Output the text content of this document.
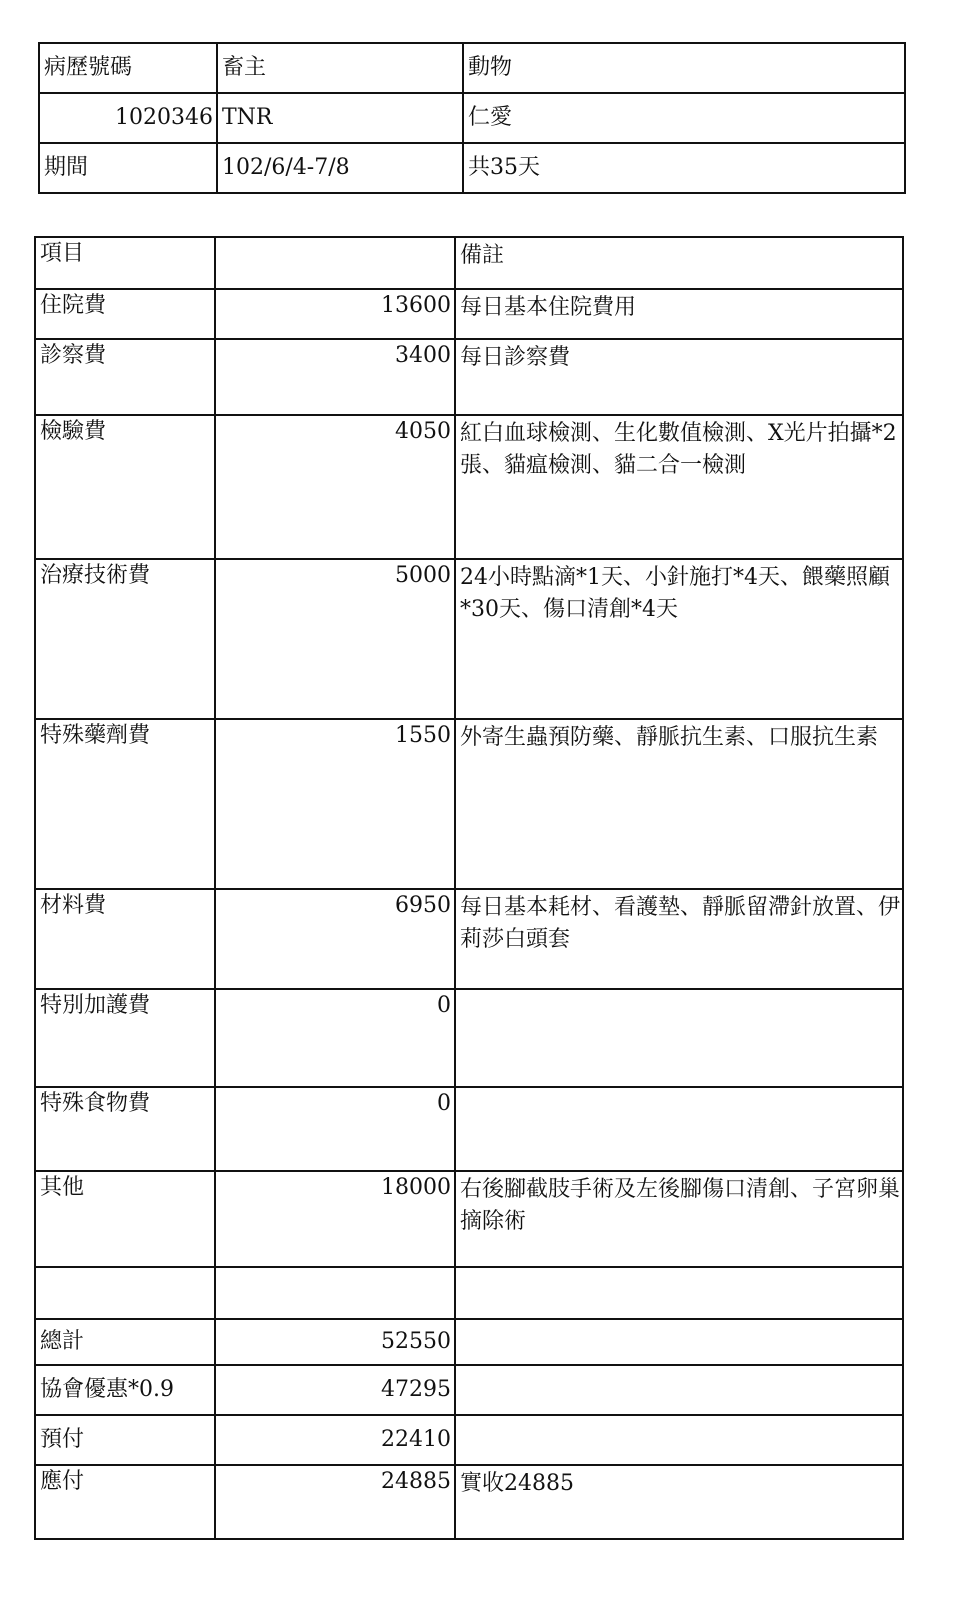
病歷號碼	畜主	動物
1020346	TNR	仁愛
期間	102/6/4-7/8	共35天
項目		備註
住院費	13600	每日基本住院費用
診察費	3400	每日診察費
檢驗費	4050	紅白血球檢測、生化數值檢測、X光片拍攝*2張、貓瘟檢測、貓二合一檢測
治療技術費	5000	24小時點滴*1天、小針施打*4天、餵藥照顧*30天、傷口清創*4天
特殊藥劑費	1550	外寄生蟲預防藥、靜脈抗生素、口服抗生素
材料費	6950	每日基本耗材、看護墊、靜脈留滯針放置、伊莉莎白頭套
特別加護費	0	
特殊食物費	0	
其他	18000	右後腳截肢手術及左後腳傷口清創、子宮卵巢摘除術

總計	52550	
協會優惠*0.9	47295	
預付	22410	
應付	24885	實收24885
